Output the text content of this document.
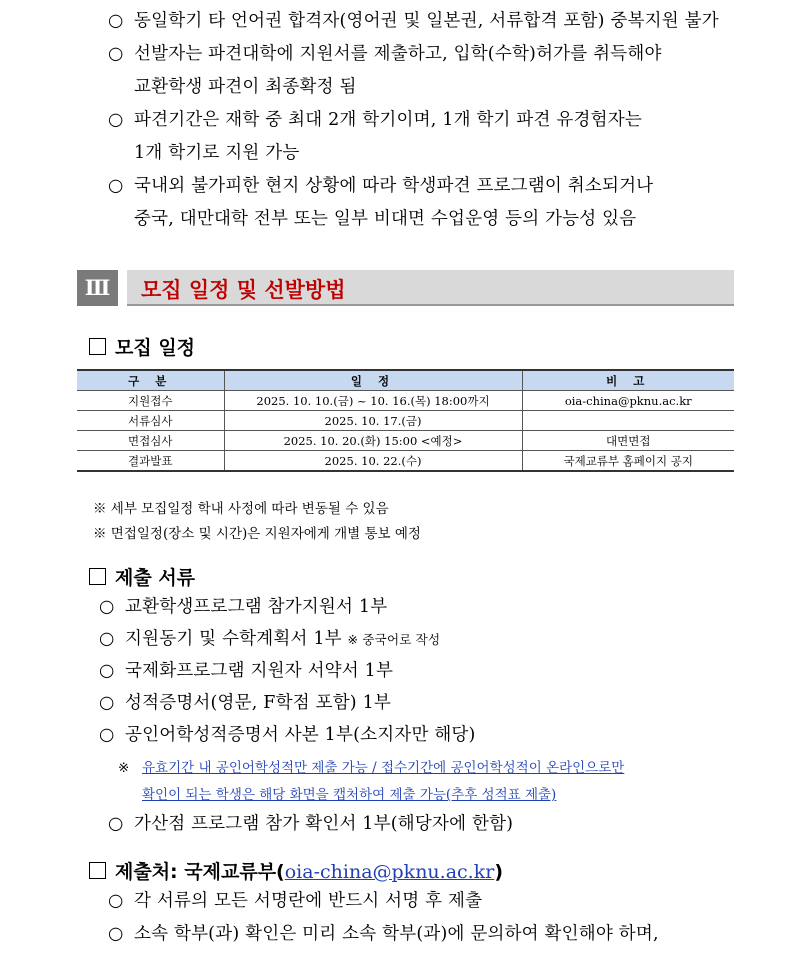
○ 동일학기 타 언어권 합격자(영어권 및 일본권, 서류합격 포함) 중복지원 불가
○ 선발자는 파견대학에 지원서를 제출하고, 입학(수학)허가를 취득해야
교환학생 파견이 최종확정 됨
○ 파견기간은 재학 중 최대 2개 학기이며, 1개 학기 파견 유경험자는
1개 학기로 지원 가능
○ 국내외 불가피한 현지 상황에 따라 학생파견 프로그램이 취소되거나
중국, 대만대학 전부 또는 일부 비대면 수업운영 등의 가능성 있음
Ⅲ	모집 일정 및 선발방법
모집 일정
구 분	일 정	비 고
지원접수	2025. 10. 10.(금) ~ 10. 16.(목) 18:00까지	oia-china@pknu.ac.kr
서류심사	2025. 10. 17.(금)	
면접심사	2025. 10. 20.(화) 15:00 <예정>	대면면접
결과발표	2025. 10. 22.(수)	국제교류부 홈페이지 공지
※ 세부 모집일정 학내 사정에 따라 변동될 수 있음
※ 면접일정(장소 및 시간)은 지원자에게 개별 통보 예정
제출 서류
○ 교환학생프로그램 참가지원서 1부
○ 지원동기 및 수학계획서 1부 ※ 중국어로 작성
○ 국제화프로그램 지원자 서약서 1부
○ 성적증명서(영문, F학점 포함) 1부
○ 공인어학성적증명서 사본 1부(소지자만 해당)
※ 유효기간 내 공인어학성적만 제출 가능 / 접수기간에 공인어학성적이 온라인으로만
확인이 되는 학생은 해당 화면을 캡처하여 제출 가능(추후 성적표 제출)
○ 가산점 프로그램 참가 확인서 1부(해당자에 한함)
제출처: 국제교류부(oia-china@pknu.ac.kr)
○ 각 서류의 모든 서명란에 반드시 서명 후 제출
○ 소속 학부(과) 확인은 미리 소속 학부(과)에 문의하여 확인해야 하며,
